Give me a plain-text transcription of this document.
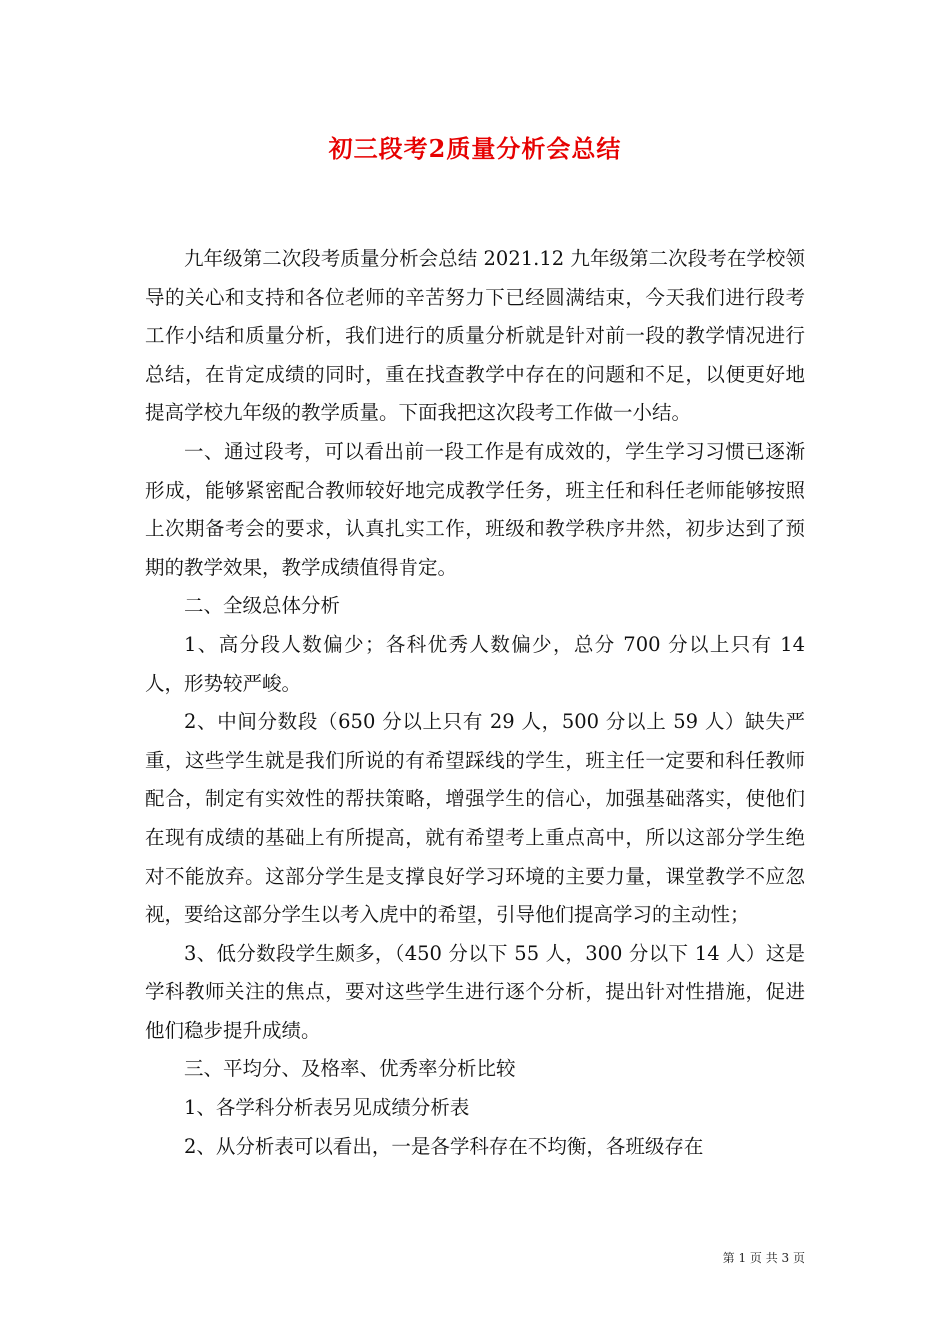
初三段考2质量分析会总结

九年级第二次段考质量分析会总结 2021.12 九年级第二次段考在学校领导的关心和支持和各位老师的辛苦努力下已经圆满结束，今天我们进行段考工作小结和质量分析，我们进行的质量分析就是针对前一段的教学情况进行总结，在肯定成绩的同时，重在找查教学中存在的问题和不足，以便更好地提高学校九年级的教学质量。下面我把这次段考工作做一小结。

一、通过段考，可以看出前一段工作是有成效的，学生学习习惯已逐渐形成，能够紧密配合教师较好地完成教学任务，班主任和科任老师能够按照上次期备考会的要求，认真扎实工作，班级和教学秩序井然，初步达到了预期的教学效果，教学成绩值得肯定。

二、全级总体分析

1、高分段人数偏少；各科优秀人数偏少，总分 700 分以上只有 14 人，形势较严峻。

2、中间分数段（650 分以上只有 29 人，500 分以上 59 人）缺失严重，这些学生就是我们所说的有希望踩线的学生，班主任一定要和科任教师配合，制定有实效性的帮扶策略，增强学生的信心，加强基础落实，使他们在现有成绩的基础上有所提高，就有希望考上重点高中，所以这部分学生绝对不能放弃。这部分学生是支撑良好学习环境的主要力量，课堂教学不应忽视，要给这部分学生以考入虎中的希望，引导他们提高学习的主动性；

3、低分数段学生颇多，（450 分以下 55 人，300 分以下 14 人）这是学科教师关注的焦点，要对这些学生进行逐个分析，提出针对性措施，促进他们稳步提升成绩。

三、平均分、及格率、优秀率分析比较

1、各学科分析表另见成绩分析表

2、从分析表可以看出，一是各学科存在不均衡，各班级存在

第 1 页 共 3 页
